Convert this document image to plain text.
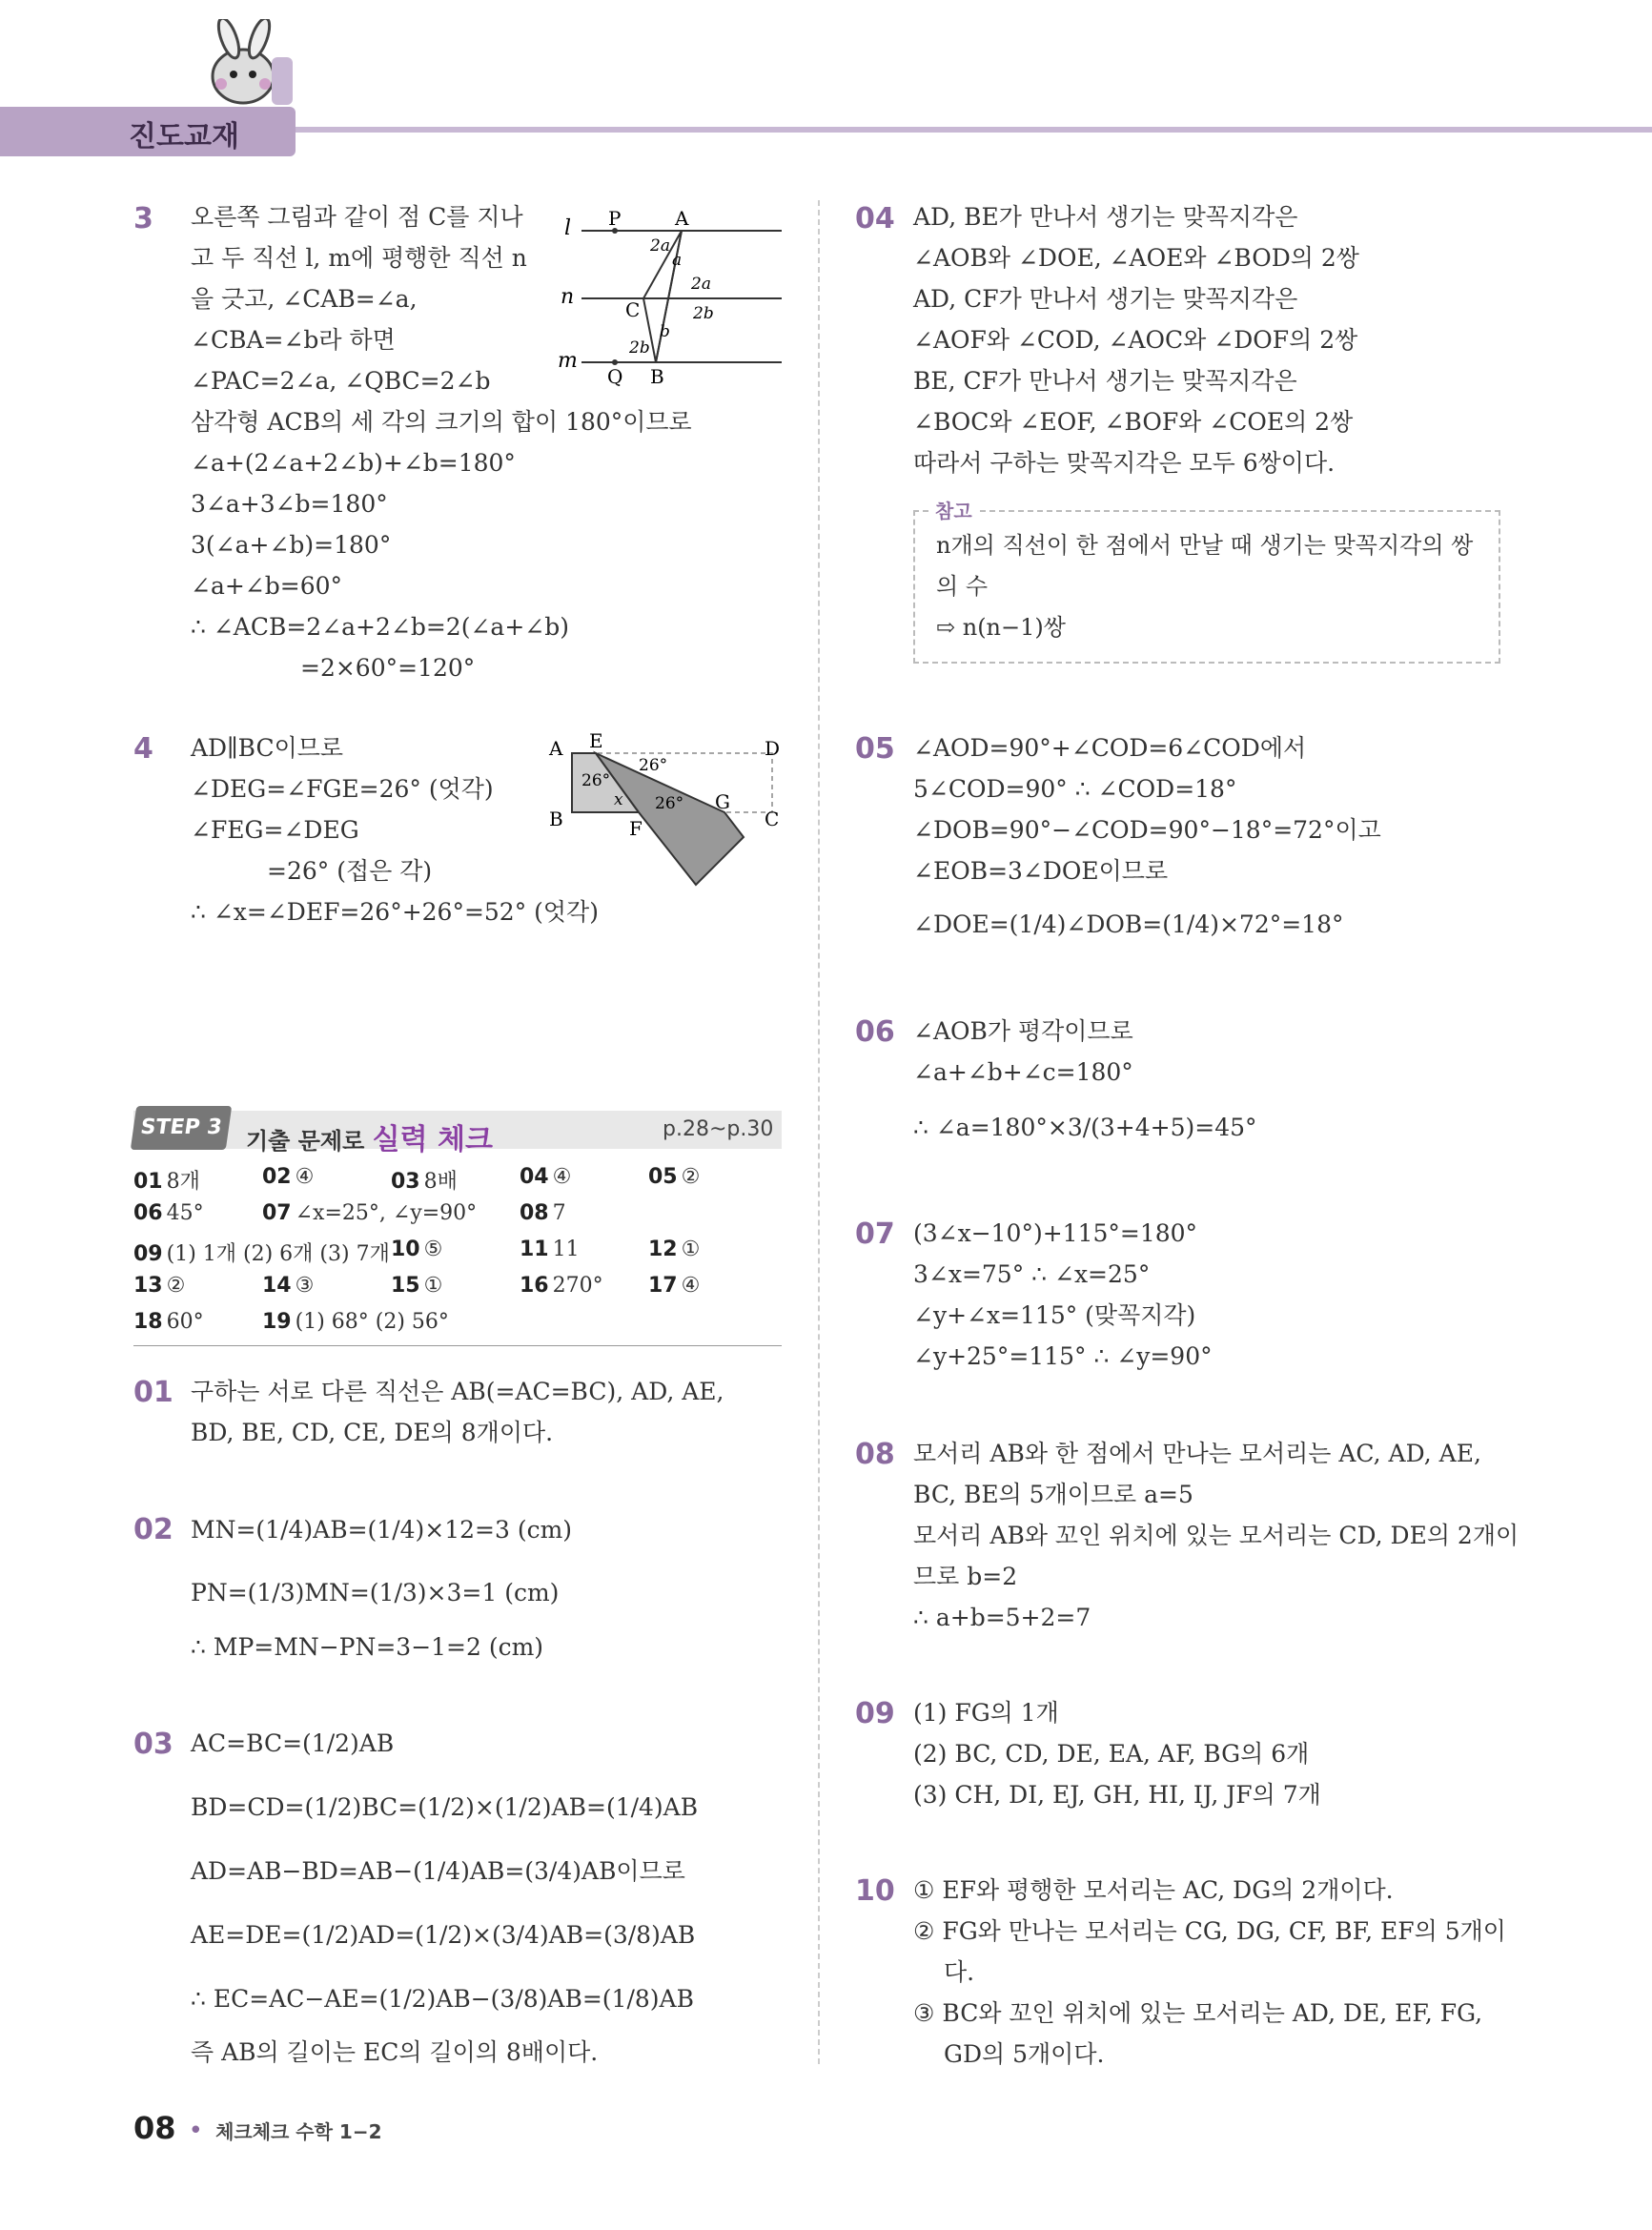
진도교재
3 오른쪽 그림과 같이 점 C를 지나
고 두 직선 l, m에 평행한 직선 n
을 긋고, ∠CAB=∠a,
∠CBA=∠b라 하면
∠PAC=2∠a, ∠QBC=2∠b
삼각형 ACB의 세 각의 크기의 합이 180°이므로
∠a+(2∠a+2∠b)+∠b=180°
3∠a+3∠b=180°
3(∠a+∠b)=180°
∠a+∠b=60°
∴ ∠ACB=2∠a+2∠b=2(∠a+∠b)
=2×60°=120°
l
n
m
P	A
C
Q B
2a
a
2a
2b
b
2b
4 AD∥BC이므로
∠DEG=∠FGE=26° (엇각)
∠FEG=∠DEG
=26° (접은 각)
∴ ∠x=∠DEF=26°+26°=52° (엇각)
A E	D
B	F
G
C
26°
26°
x 26°
STEP 3
기출 문제로 실력 체크	p.28~p.30
01 8개	02 ④	03 8배	04 ④	05 ②
06 45°	07 ∠x=25°, ∠y=90° 08 7
09 (1) 1개 (2) 6개 (3) 7개 10 ⑤	11 11	12 ①
13 ②	14 ③	15 ①	16 270° 17 ④
18 60°	19 (1) 68° (2) 56°
01 구하는 서로 다른 직선은 AB(=AC=BC), AD, AE,
BD, BE, CD, CE, DE의 8개이다.
02 MN=(1/4)AB=(1/4)×12=3 (cm)
PN=(1/3)MN=(1/3)×3=1 (cm)
∴ MP=MN−PN=3−1=2 (cm)
03 AC=BC=(1/2)AB
BD=CD=(1/2)BC=(1/2)×(1/2)AB=(1/4)AB
AD=AB−BD=AB−(1/4)AB=(3/4)AB이므로
AE=DE=(1/2)AD=(1/2)×(3/4)AB=(3/8)AB
∴ EC=AC−AE=(1/2)AB−(3/8)AB=(1/8)AB
즉 AB의 길이는 EC의 길이의 8배이다.
04 AD, BE가 만나서 생기는 맞꼭지각은
∠AOB와 ∠DOE, ∠AOE와 ∠BOD의 2쌍
AD, CF가 만나서 생기는 맞꼭지각은
∠AOF와 ∠COD, ∠AOC와 ∠DOF의 2쌍
BE, CF가 만나서 생기는 맞꼭지각은
∠BOC와 ∠EOF, ∠BOF와 ∠COE의 2쌍
따라서 구하는 맞꼭지각은 모두 6쌍이다.
참고
n개의 직선이 한 점에서 만날 때 생기는 맞꼭지각의 쌍
의 수
⇨ n(n−1)쌍
05 ∠AOD=90°+∠COD=6∠COD에서
5∠COD=90° ∴ ∠COD=18°
∠DOB=90°−∠COD=90°−18°=72°이고
∠EOB=3∠DOE이므로
∠DOE=(1/4)∠DOB=(1/4)×72°=18°
06 ∠AOB가 평각이므로
∠a+∠b+∠c=180°
∴ ∠a=180°×3/(3+4+5)=45°
07 (3∠x−10°)+115°=180°
3∠x=75° ∴ ∠x=25°
∠y+∠x=115° (맞꼭지각)
∠y+25°=115° ∴ ∠y=90°
08 모서리 AB와 한 점에서 만나는 모서리는 AC, AD, AE,
BC, BE의 5개이므로 a=5
모서리 AB와 꼬인 위치에 있는 모서리는 CD, DE의 2개이
므로 b=2
∴ a+b=5+2=7
09 (1) FG의 1개
(2) BC, CD, DE, EA, AF, BG의 6개
(3) CH, DI, EJ, GH, HI, IJ, JF의 7개
10 ① EF와 평행한 모서리는 AC, DG의 2개이다.
② FG와 만나는 모서리는 CG, DG, CF, BF, EF의 5개이
다.
③ BC와 꼬인 위치에 있는 모서리는 AD, DE, EF, FG,
GD의 5개이다.
08 • 체크체크 수학 1−2
